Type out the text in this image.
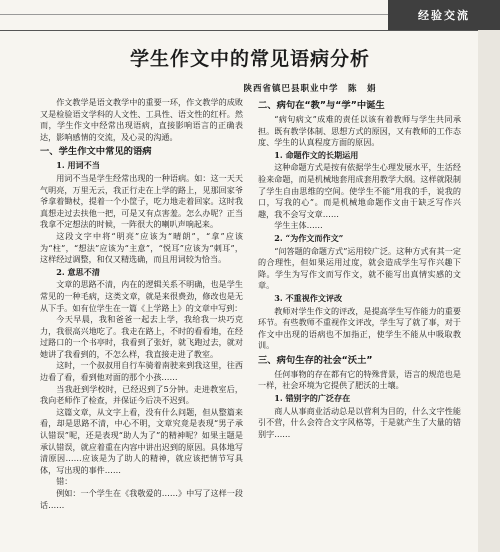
经验交流
学生作文中的常见语病分析
陕西省镇巴县职业中学　陈　娟

作文教学是语文教学中的重要一环，作文教学的成败又是检验语文学科的人文性、工具性、语文性的红杆。然而，学生作文中经常出现语病，直接影响语言的正确表达，影响感情的交流，及心灵的沟通。

一、学生作文中常见的语病
1. 用词不当

用词不当是学生经常出现的一种语病。如：这一天天气明亮，万里无云，我正行走在上学的路上，见那回家爷爷拿着锄杖，提着一个小筐子，吃力地走着回家。这时我真想走过去扶他一把，可是又有点害羞。怎么办呢？正当我拿不定想法的时候，一阵很大的喇叭声响起来。

这段文字中将“明亮”应该为“晴朗”，“拿”应该为“柱”，“想法”应该为“主意”，“悦耳”应该为“刺耳”，这样经过调整，和仅又精选确，而且用词较为恰当。

2. 意思不清

文章的思路不清，内在的逻辑关系不明确，也是学生常见的一种毛病，这类文章，就是来很费劲，修改也是无从下手。如有位学生在一篇《上学路上》的文章中写到：

今天早晨，我和爸爸一起去上学，我给我一块巧克力，我很高兴地吃了。我走在路上，不时的看看地，在经过路口的一个书亭时，我看到了张好，就飞跑过去，就对她讲了我看到的，不怎么样，我直接走进了教室。

这时，一个叔叔用自行车骑着南驶来到我这里，往西边看了看，看到他对面的那个小孩……

当我赶到学校时，已经迟到了5分钟。走进教室后，我向老师作了检查，并保证今后决不迟到。

这篇文章，从文字上看，没有什么问题，但从整篇来看，却是思路不清，中心不明，文章究竟是表现“男子承认错误”呢，还是表现“助人为了”的精神呢？如果主题是承认错误，就应着重在内容中讲出迟到的原因。具体地写清原因……应该是为了助人的精神，就应该把情节写具体，写出现的事件……

错：

例如：一个学生在《我敬爱的……》中写了这样一段话……

二、病句在“教”与“学”中诞生

“病句病文”成难的责任以该有着教师与学生共同承担。既有教学体制、思想方式的原因，又有教师的工作态度、学生的认真程度方面的原因。

1. 命题作文的长期运用

这种命题方式是按有依据学生心理发展水平，生活经验来命题，而是机械地套用成套用教学大纲。这样就限制了学生自由思维的空间。使学生不能“用我的手，说我的口，写我的心”。而是机械地命题作文由于缺乏写作兴趣，我不会写文章……

学生主体……

2. “为作文而作文”

“问答题的命题方式”运用较广泛。这种方式有其一定的合理性，但如果运用过度，就会造成学生写作兴趣下降。学生为写作文而写作文，就不能写出真情实感的文章。

3. 不重视作文评改

教师对学生作文的评改，是提高学生写作能力的重要环节。有些教师不重视作文评改，学生写了就了事，对于作文中出现的语病也不加指正，使学生不能从中吸取教训。

三、病句生存的社会“沃土”

任何事物的存在都有它的特殊背景，语言的规范也是一样，社会环境为它提供了肥沃的土壤。

1. 错别字的广泛存在

商人从事商业活动总是以营利为目的，什么文字性能引不营，什么会符合文字风格等，于是就产生了大量的错别字……
